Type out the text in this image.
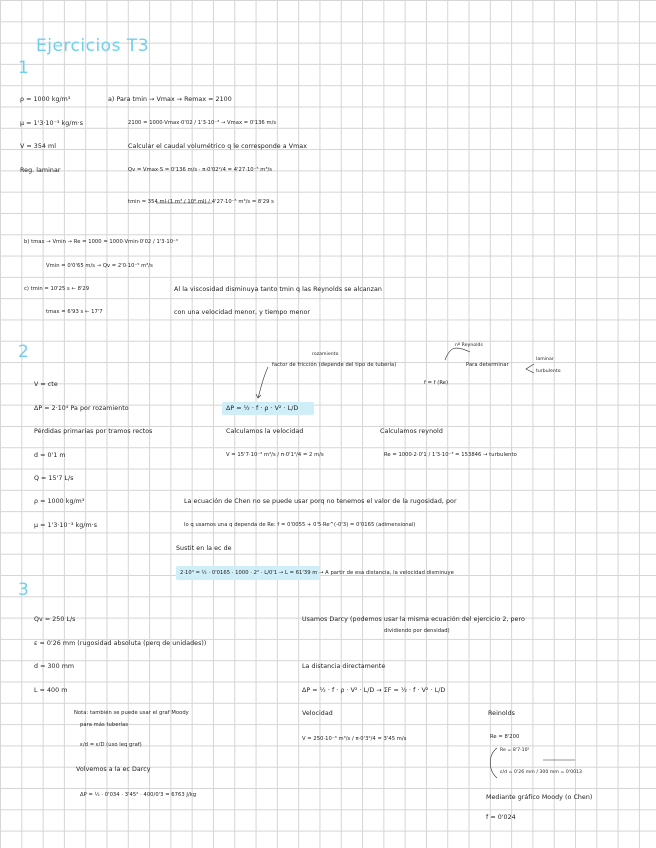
Ejercicios T3
1
ρ = 1000 kg/m³	a) Para tmin → Vmax → Remax = 2100
μ = 1'3·10⁻³ kg/m·s	2100 = 1000·Vmax·0'02 / 1'3·10⁻³ → Vmax = 0'136 m/s
V = 354 ml	Calcular el caudal volumétrico q le corresponde a Vmax
Reg. laminar	Qv = Vmax·S = 0'136 m/s · π·0'02²/4 = 4'27·10⁻⁵ m³/s
tmin = 354 ml·(1 m³ / 10⁶ ml) / 4'27·10⁻⁵ m³/s = 8'29 s
b) tmax → Vmin → Re = 1000 = 1000·Vmin·0'02 / 1'3·10⁻³
Vmin = 0'0'65 m/s → Qv = 2'0·10⁻⁵ m³/s
c) tmin = 10'25 s ← 8'29	Al la viscosidad disminuya tanto tmin q las Reynolds se alcanzan
tmax = 6'93 s ← 17'7	con una velocidad menor, y tiempo menor
2	rozamiento
nº Reynolds
factor de fricción (depende del tipo de tubería)	Para determinar
laminar
turbulento
f = f (Re)
V = cte
ΔP = 2·10⁴ Pa por rozamiento	ΔP = ½ · f · ρ · V² · L/D
Pérdidas primarias por tramos rectos	Calculamos la velocidad	Calculamos reynold
d = 0'1 m	V = 15'7·10⁻³ m³/s / π·0'1²/4 = 2 m/s	Re = 1000·2·0'1 / 1'3·10⁻³ = 153846 → turbulento
Q = 15'7 L/s
ρ = 1000 kg/m³	La ecuación de Chen no se puede usar porq no tenemos el valor de la rugosidad, por
μ = 1'3·10⁻³ kg/m·s	lo q usamos una q dependa de Re: f = 0'0055 + 0'5·Re^(-0'3) = 0'0165 (adimensional)
Sustit en la ec de
2·10⁴ = ½ · 0'0165 · 1000 · 2² · L/0'1 → L = 61'39 m → A partir de esa distancia, la velocidad disminuye
3
Qv = 250 L/s	Usamos Darcy (podemos usar la misma ecuación del ejercicio 2, pero
dividiendo por densidad)
ε = 0'26 mm (rugosidad absoluta (perq de unidades))
d = 300 mm	La distancia directamente
L = 400 m	ΔP = ½ · f · ρ · V² · L/D → ΣF = ½ · f · V² · L/D
Nota: también se puede usar el graf Moody	Velocidad	Reinolds
para más tuberías
V = 250·10⁻³ m³/s / π·0'3²/4 = 3'45 m/s	Re = 8'200
ε/d = ε/D (uso leq graf)
Re = 8'7·10⁵
ε/d = 0'26 mm / 300 mm = 0'0013
Volvemos a la ec Darcy
ΔP = ½ · 0'034 · 3'45² · 400/0'3 = 6763 J/kg	Mediante gráfico Moody (o Chen)
f = 0'024
